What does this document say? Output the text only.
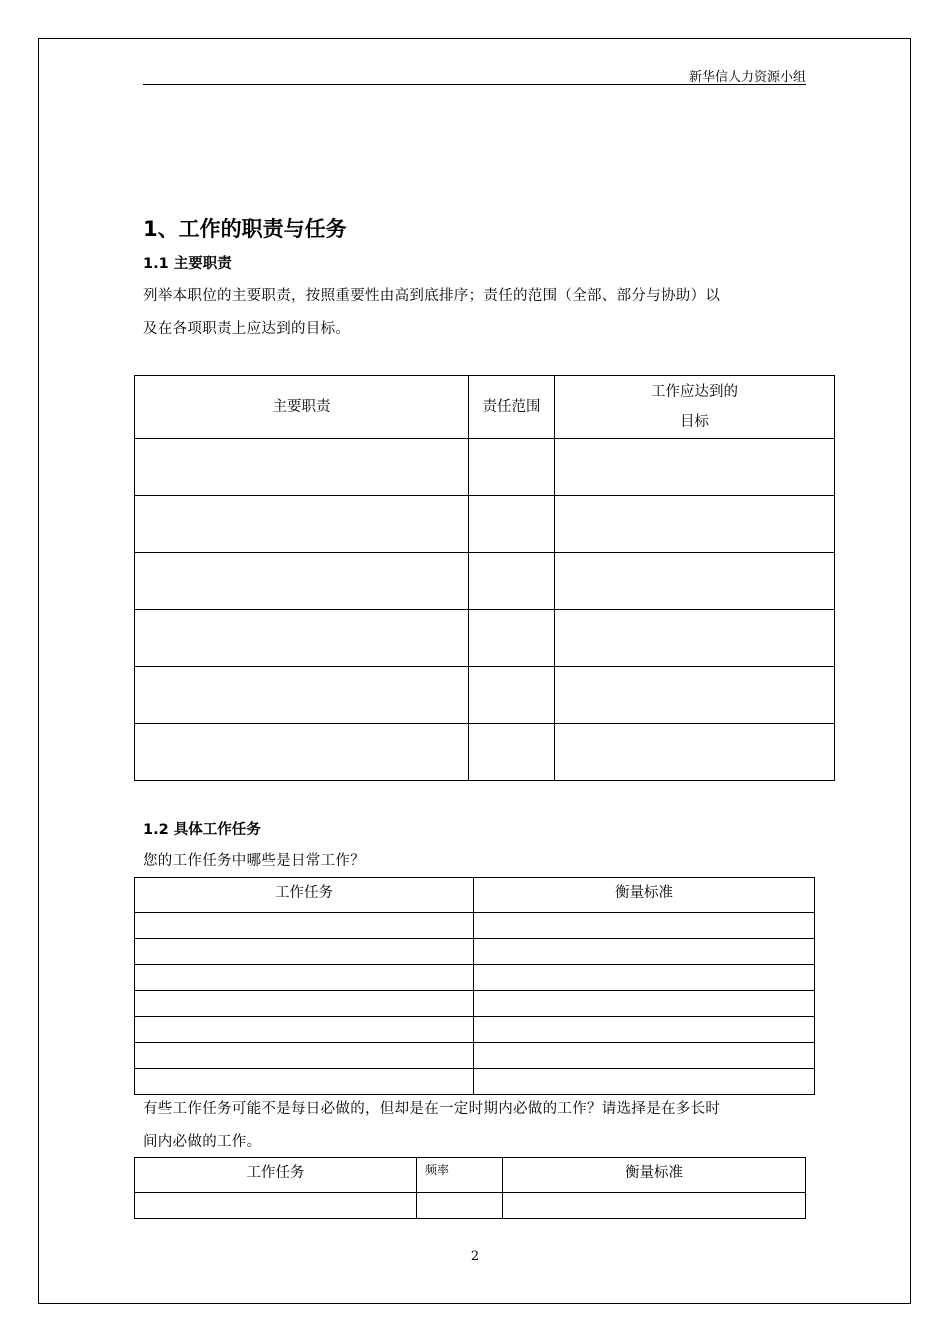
新华信人力资源小组
1、工作的职责与任务
1.1 主要职责
列举本职位的主要职责，按照重要性由高到底排序；责任的范围（全部、部分与协助）以
及在各项职责上应达到的目标。
主要职责	责任范围	工作应达到的
目标

1.2 具体工作任务
您的工作任务中哪些是日常工作？
工作任务	衡量标准

有些工作任务可能不是每日必做的，但却是在一定时期内必做的工作？请选择是在多长时
间内必做的工作。
工作任务	频率	衡量标准

2
